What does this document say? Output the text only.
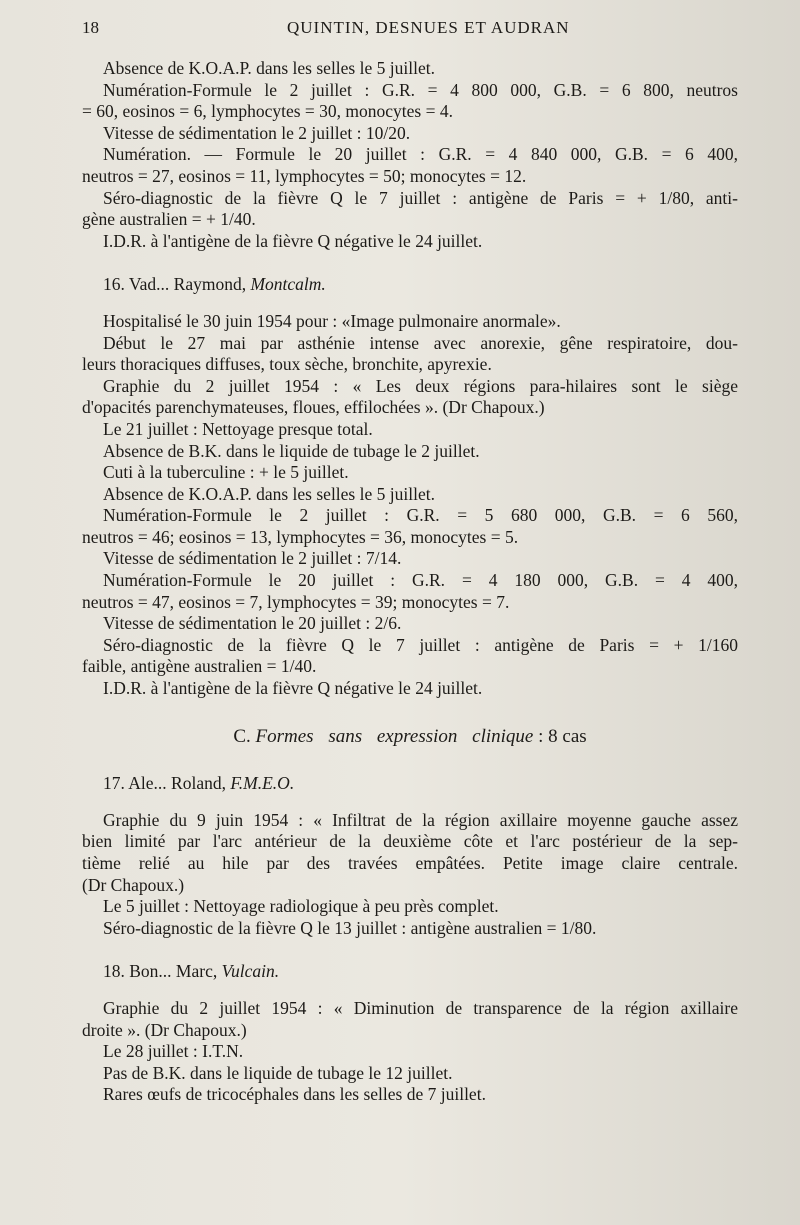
18	QUINTIN, DESNUES ET AUDRAN
Absence de K.O.A.P. dans les selles le 5 juillet.
Numération-Formule le 2 juillet : G.R. = 4 800 000, G.B. = 6 800, neutros
= 60, eosinos = 6, lymphocytes = 30, monocytes = 4.
Vitesse de sédimentation le 2 juillet : 10/20.
Numération. — Formule le 20 juillet : G.R. = 4 840 000, G.B. = 6 400,
neutros = 27, eosinos = 11, lymphocytes = 50; monocytes = 12.
Séro-diagnostic de la fièvre Q le 7 juillet : antigène de Paris = + 1/80, anti-
gène australien = + 1/40.
I.D.R. à l'antigène de la fièvre Q négative le 24 juillet.
16. Vad... Raymond, Montcalm.
Hospitalisé le 30 juin 1954 pour : «Image pulmonaire anormale».
Début le 27 mai par asthénie intense avec anorexie, gêne respiratoire, dou-
leurs thoraciques diffuses, toux sèche, bronchite, apyrexie.
Graphie du 2 juillet 1954 : « Les deux régions para-hilaires sont le siège
d'opacités parenchymateuses, floues, effilochées ». (Dr Chapoux.)
Le 21 juillet : Nettoyage presque total.
Absence de B.K. dans le liquide de tubage le 2 juillet.
Cuti à la tuberculine : + le 5 juillet.
Absence de K.O.A.P. dans les selles le 5 juillet.
Numération-Formule le 2 juillet : G.R. = 5 680 000, G.B. = 6 560,
neutros = 46; eosinos = 13, lymphocytes = 36, monocytes = 5.
Vitesse de sédimentation le 2 juillet : 7/14.
Numération-Formule le 20 juillet : G.R. = 4 180 000, G.B. = 4 400,
neutros = 47, eosinos = 7, lymphocytes = 39; monocytes = 7.
Vitesse de sédimentation le 20 juillet : 2/6.
Séro-diagnostic de la fièvre Q le 7 juillet : antigène de Paris = + 1/160
faible, antigène australien = 1/40.
I.D.R. à l'antigène de la fièvre Q négative le 24 juillet.
C. Formes sans expression clinique : 8 cas
17. Ale... Roland, F.M.E.O.
Graphie du 9 juin 1954 : « Infiltrat de la région axillaire moyenne gauche assez
bien limité par l'arc antérieur de la deuxième côte et l'arc postérieur de la sep-
tième relié au hile par des travées empâtées. Petite image claire centrale.
(Dr Chapoux.)
Le 5 juillet : Nettoyage radiologique à peu près complet.
Séro-diagnostic de la fièvre Q le 13 juillet : antigène australien = 1/80.
18. Bon... Marc, Vulcain.
Graphie du 2 juillet 1954 : « Diminution de transparence de la région axillaire
droite ». (Dr Chapoux.)
Le 28 juillet : I.T.N.
Pas de B.K. dans le liquide de tubage le 12 juillet.
Rares œufs de tricocéphales dans les selles de 7 juillet.
